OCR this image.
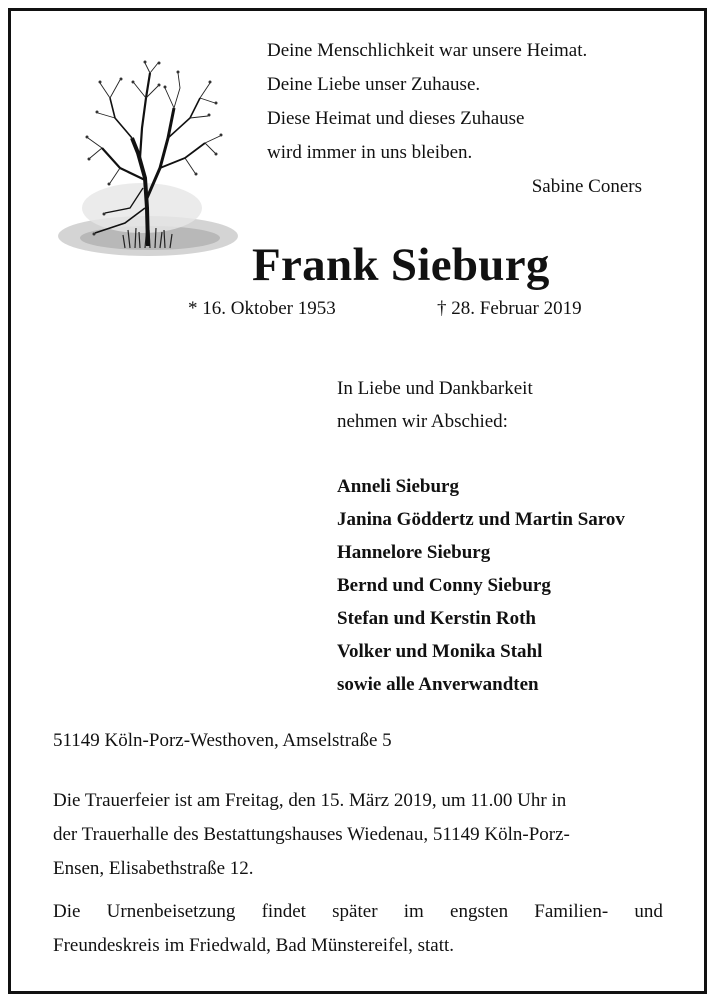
Deine Menschlichkeit war unsere Heimat.
Deine Liebe unser Zuhause.
Diese Heimat und dieses Zuhause
wird immer in uns bleiben.
Sabine Coners
Frank Sieburg
* 16. Oktober 1953	† 28. Februar 2019
In Liebe und Dankbarkeit
nehmen wir Abschied:
Anneli Sieburg
Janina Göddertz und Martin Sarov
Hannelore Sieburg
Bernd und Conny Sieburg
Stefan und Kerstin Roth
Volker und Monika Stahl
sowie alle Anverwandten
51149 Köln-Porz-Westhoven, Amselstraße 5
Die Trauerfeier ist am Freitag, den 15. März 2019, um 11.00 Uhr in
der Trauerhalle des Bestattungshauses Wiedenau, 51149 Köln-Porz-
Ensen, Elisabethstraße 12.
Die Urnenbeisetzung findet später im engsten Familien- und
Freundeskreis im Friedwald, Bad Münstereifel, statt.
